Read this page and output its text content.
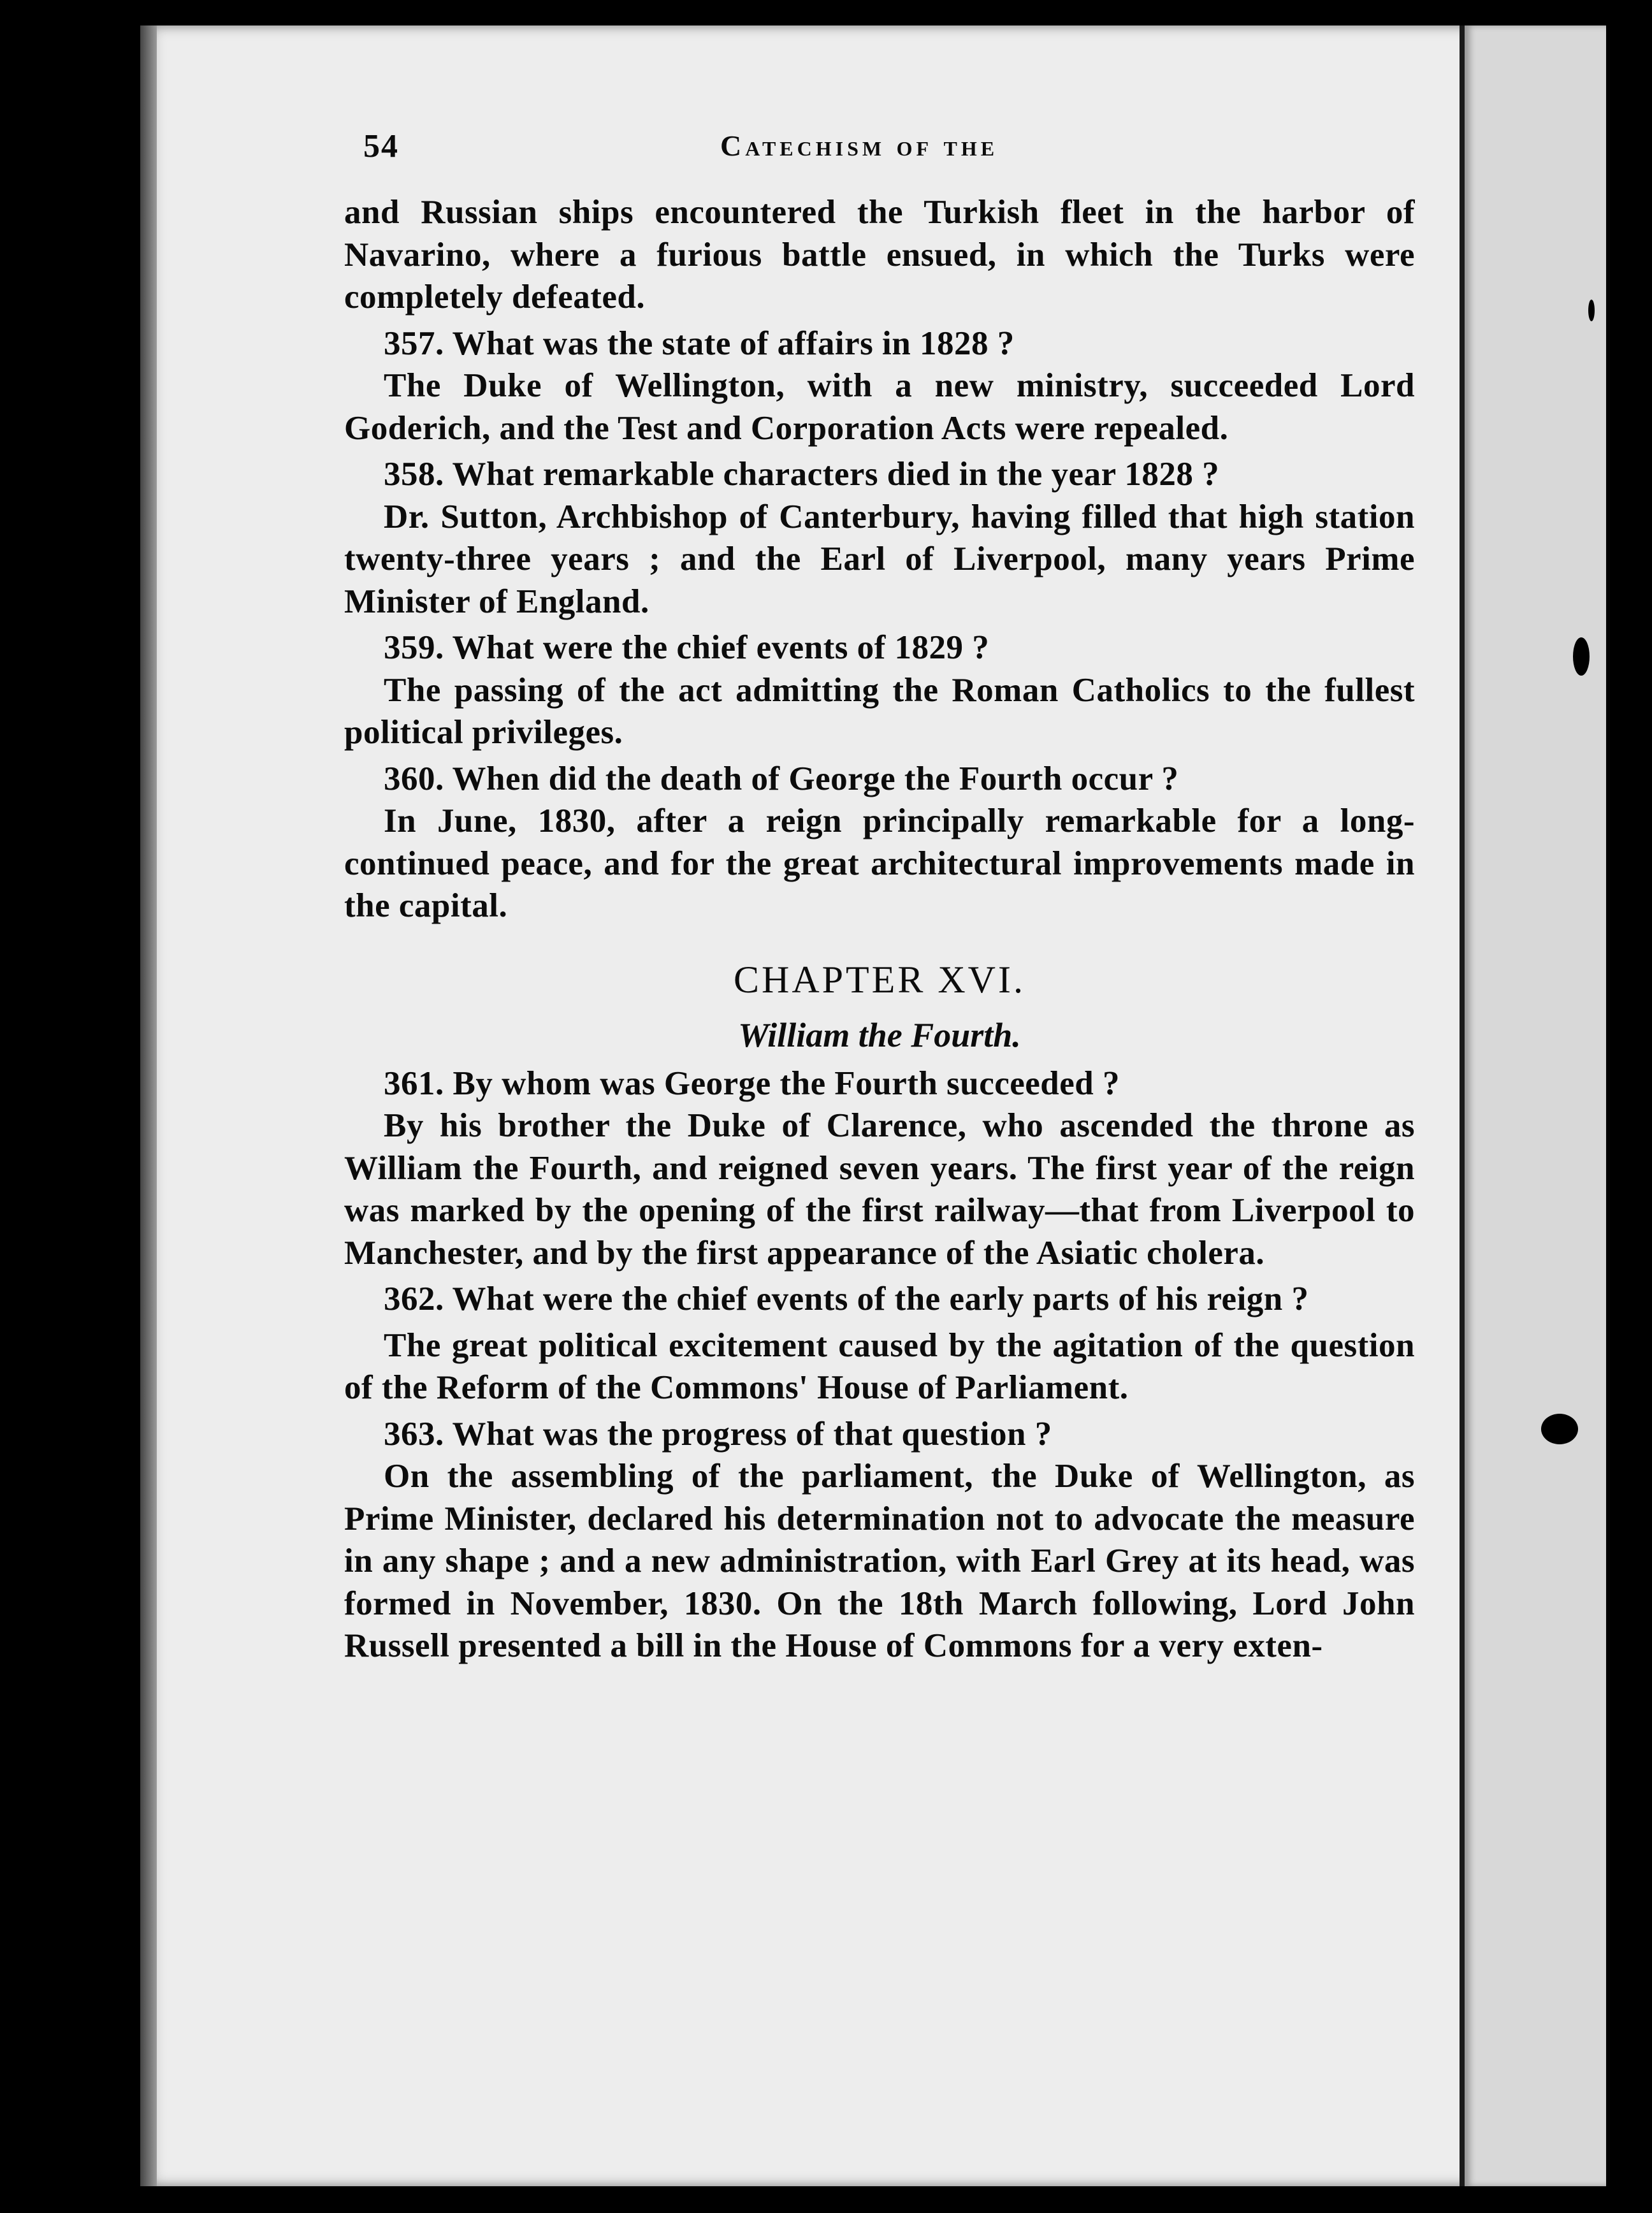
54	Catechism of the

and Russian ships encountered the Turkish fleet in the harbor of Navarino, where a furious battle ensued, in which the Turks were completely defeated.

357. What was the state of affairs in 1828 ?

The Duke of Wellington, with a new ministry, succeeded Lord Goderich, and the Test and Corporation Acts were repealed.

358. What remarkable characters died in the year 1828 ?

Dr. Sutton, Archbishop of Canterbury, having filled that high station twenty-three years ; and the Earl of Liverpool, many years Prime Minister of England.

359. What were the chief events of 1829 ?

The passing of the act admitting the Roman Catholics to the fullest political privileges.

360. When did the death of George the Fourth occur ?

In June, 1830, after a reign principally remarkable for a long-continued peace, and for the great architectural improvements made in the capital.

CHAPTER XVI.
William the Fourth.

361. By whom was George the Fourth succeeded ?

By his brother the Duke of Clarence, who ascended the throne as William the Fourth, and reigned seven years. The first year of the reign was marked by the opening of the first railway—that from Liverpool to Manchester, and by the first appearance of the Asiatic cholera.

362. What were the chief events of the early parts of his reign ?

The great political excitement caused by the agitation of the question of the Reform of the Commons' House of Parliament.

363. What was the progress of that question ?

On the assembling of the parliament, the Duke of Wellington, as Prime Minister, declared his determination not to advocate the measure in any shape ; and a new administration, with Earl Grey at its head, was formed in November, 1830. On the 18th March following, Lord John Russell presented a bill in the House of Commons for a very exten-
